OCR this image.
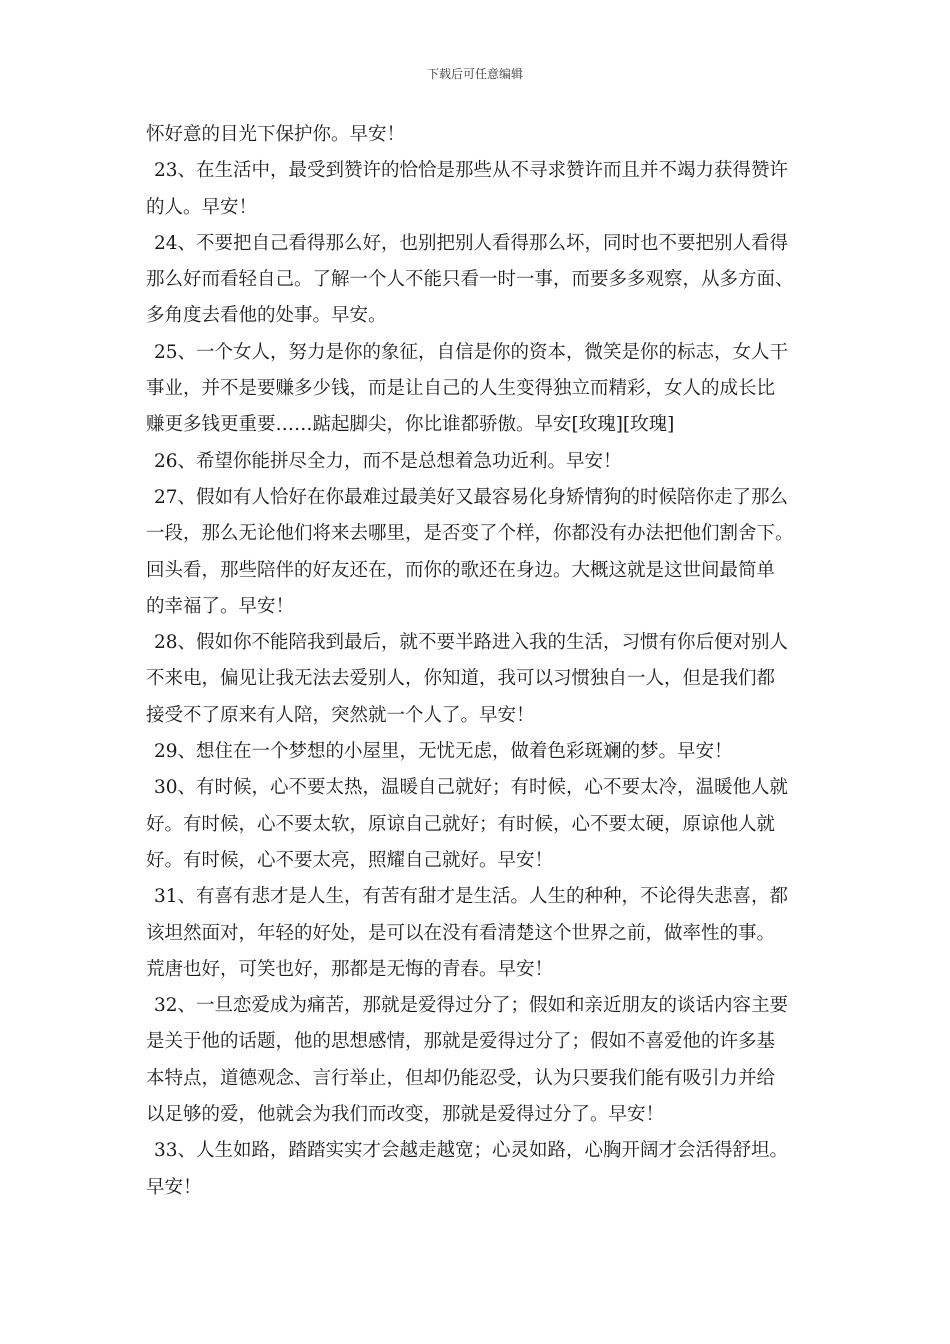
下载后可任意编辑
怀好意的目光下保护你。早安！
23、在生活中，最受到赞许的恰恰是那些从不寻求赞许而且并不竭力获得赞许
的人。早安！
24、不要把自己看得那么好，也别把别人看得那么坏，同时也不要把别人看得
那么好而看轻自己。了解一个人不能只看一时一事，而要多多观察，从多方面、
多角度去看他的处事。早安。
25、一个女人，努力是你的象征，自信是你的资本，微笑是你的标志，女人干
事业，并不是要赚多少钱，而是让自己的人生变得独立而精彩，女人的成长比
赚更多钱更重要……踮起脚尖，你比谁都骄傲。早安[玫瑰][玫瑰]
26、希望你能拼尽全力，而不是总想着急功近利。早安！
27、假如有人恰好在你最难过最美好又最容易化身矫情狗的时候陪你走了那么
一段，那么无论他们将来去哪里，是否变了个样，你都没有办法把他们割舍下。
回头看，那些陪伴的好友还在，而你的歌还在身边。大概这就是这世间最简单
的幸福了。早安！
28、假如你不能陪我到最后，就不要半路进入我的生活，习惯有你后便对别人
不来电，偏见让我无法去爱别人，你知道，我可以习惯独自一人，但是我们都
接受不了原来有人陪，突然就一个人了。早安！
29、想住在一个梦想的小屋里，无忧无虑，做着色彩斑斓的梦。早安！
30、有时候，心不要太热，温暖自己就好；有时候，心不要太冷，温暖他人就
好。有时候，心不要太软，原谅自己就好；有时候，心不要太硬，原谅他人就
好。有时候，心不要太亮，照耀自己就好。早安！
31、有喜有悲才是人生，有苦有甜才是生活。人生的种种，不论得失悲喜，都
该坦然面对，年轻的好处，是可以在没有看清楚这个世界之前，做率性的事。
荒唐也好，可笑也好，那都是无悔的青春。早安！
32、一旦恋爱成为痛苦，那就是爱得过分了；假如和亲近朋友的谈话内容主要
是关于他的话题，他的思想感情，那就是爱得过分了；假如不喜爱他的许多基
本特点，道德观念、言行举止，但却仍能忍受，认为只要我们能有吸引力并给
以足够的爱，他就会为我们而改变，那就是爱得过分了。早安！
33、人生如路，踏踏实实才会越走越宽；心灵如路，心胸开阔才会活得舒坦。
早安！
